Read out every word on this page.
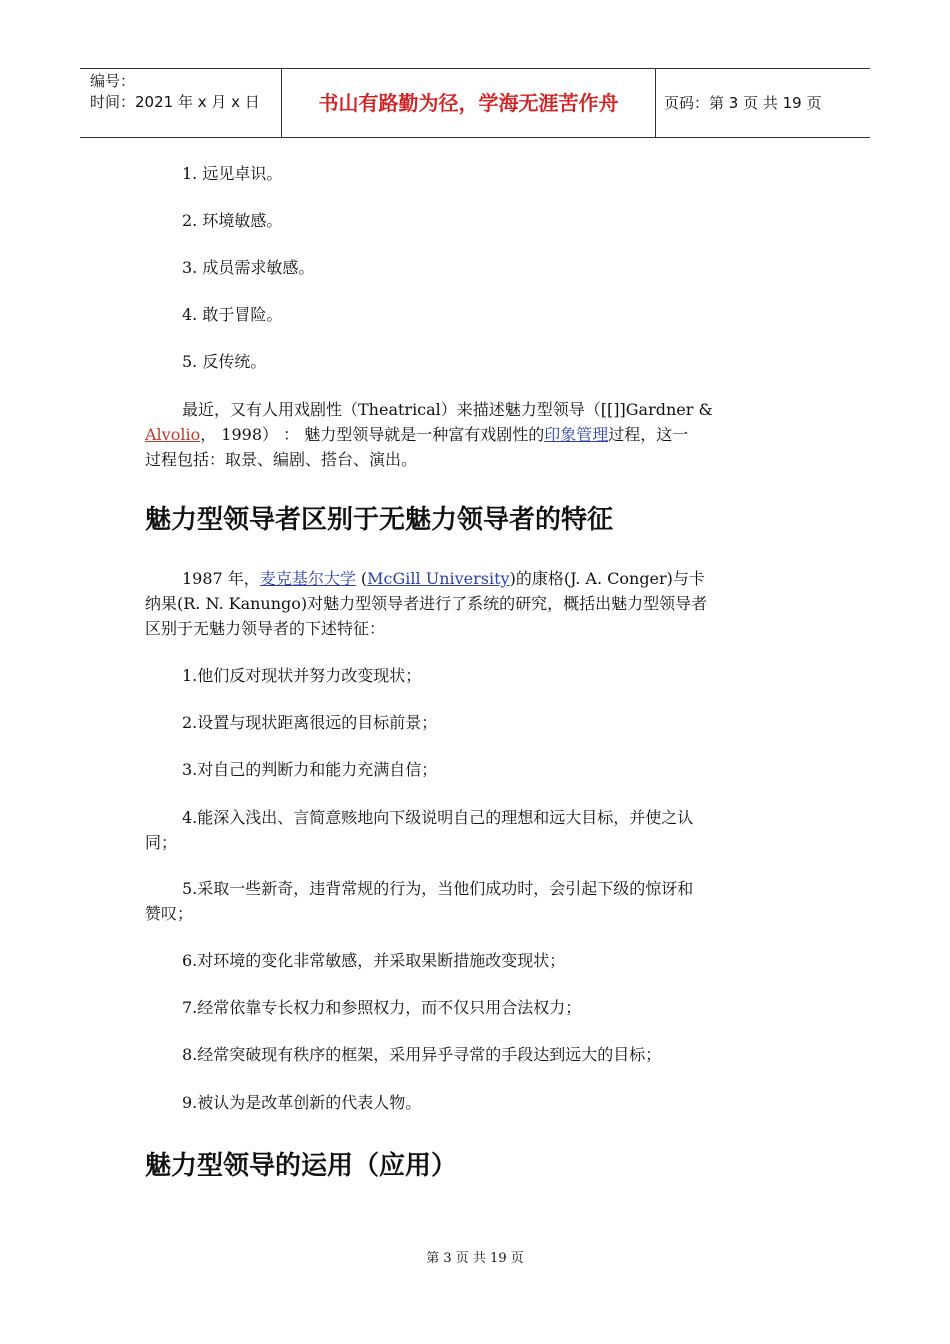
编号：
时间：2021 年 x 月 x 日	书山有路勤为径，学海无涯苦作舟	页码：第 3 页 共 19 页
1. 远见卓识。
2. 环境敏感。
3. 成员需求敏感。
4. 敢于冒险。
5. 反传统。
最近，又有人用戏剧性（Theatrical）来描述魅力型领导（[[]]Gardner &
Alvolio， 1998） ： 魅力型领导就是一种富有戏剧性的印象管理过程，这一
过程包括：取景、编剧、搭台、演出。
魅力型领导者区别于无魅力领导者的特征
1987 年，麦克基尔大学 (McGill University)的康格(J. A. Conger)与卡
纳果(R. N. Kanungo)对魅力型领导者进行了系统的研究，概括出魅力型领导者
区别于无魅力领导者的下述特征：
1.他们反对现状并努力改变现状；
2.设置与现状距离很远的目标前景；
3.对自己的判断力和能力充满自信；
4.能深入浅出、言简意赅地向下级说明自己的理想和远大目标，并使之认
同；
5.采取一些新奇，违背常规的行为，当他们成功时，会引起下级的惊讶和
赞叹；
6.对环境的变化非常敏感，并采取果断措施改变现状；
7.经常依靠专长权力和参照权力，而不仅只用合法权力；
8.经常突破现有秩序的框架，采用异乎寻常的手段达到远大的目标；
9.被认为是改革创新的代表人物。
魅力型领导的运用（应用）
第 3 页 共 19 页
